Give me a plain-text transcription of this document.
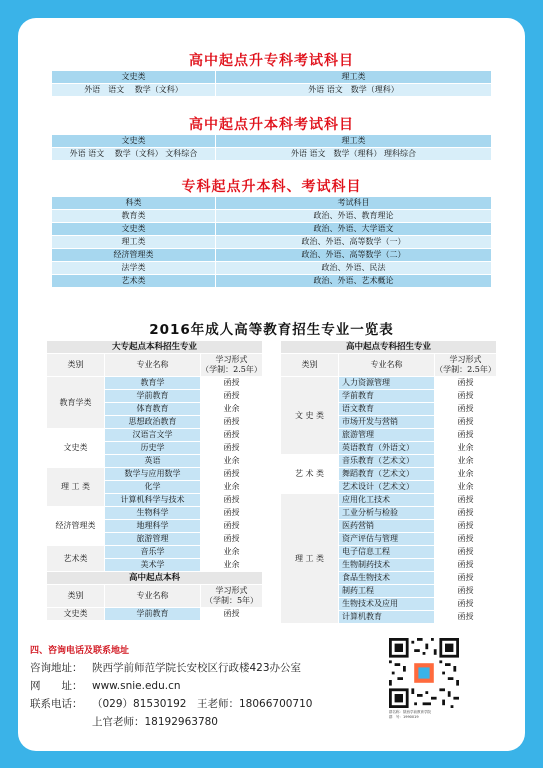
高中起点升专科考试科目
文史类	理工类
外语　语文　 数学（文科）	外语 语文　数学（理科）
高中起点升本科考试科目
文史类	理工类
外语 语文　 数学（文科） 文科综合	外语 语文　数学（理科） 理科综合
专科起点升本科、考试科目
科类	考试科目
教育类	政治、外语、教育理论
文史类	政治、外语、大学语文
理工类	政治、外语、高等数学（一）
经济管理类	政治、外语、高等数学（二）
法学类	政治、外语、民法
艺术类	政治、外语、艺术概论
2016年成人高等教育招生专业一览表
大专起点本科招生专业		
类别	专业名称	学习形式
（学制：2.5年）
教育学类	教育学	函授
	学前教育	函授
	体育教育	业余
	思想政治教育	函授
文史类	汉语言文学	函授
	历史学	函授
	英语	业余
理 工 类	数学与应用数学	函授
	化学	业余
	计算机科学与技术	函授
经济管理类	生物科学	函授
	地理科学	函授
	旅游管理	函授
艺术类	音乐学	业余
	美术学	业余
高中起点本科		
类别	专业名称	学习形式
（学制：5年）
文史类	学前教育	函授
高中起点专科招生专业		
类别	专业名称	学习形式
（学制：2.5年）
文 史 类	人力资源管理	函授
	学前教育	函授
	语文教育	函授
	市场开发与营销	函授
	旅游管理	函授
	英语教育（外语文）	业余
艺 术 类	音乐教育（艺术文）	业余
	舞蹈教育（艺术文）	业余
	艺术设计（艺术文）	业余
理 工 类	应用化工技术	函授
	工业分析与检验	函授
	医药营销	函授
	资产评估与管理	函授
	电子信息工程	函授
	生物制药技术	函授
	食品生物技术	函授
	制药工程	函授
	生物技术及应用	函授
	计算机教育	函授
四、咨询电话及联系地址
咨询地址： 陕西学前师范学院长安校区行政楼423办公室
网　　址： www.snie.edu.cn
联系电话： （029）81530192　王老师：18066700710
上官老师：18192963780
群名称：陕西学前教育学院
群　号：1990019
